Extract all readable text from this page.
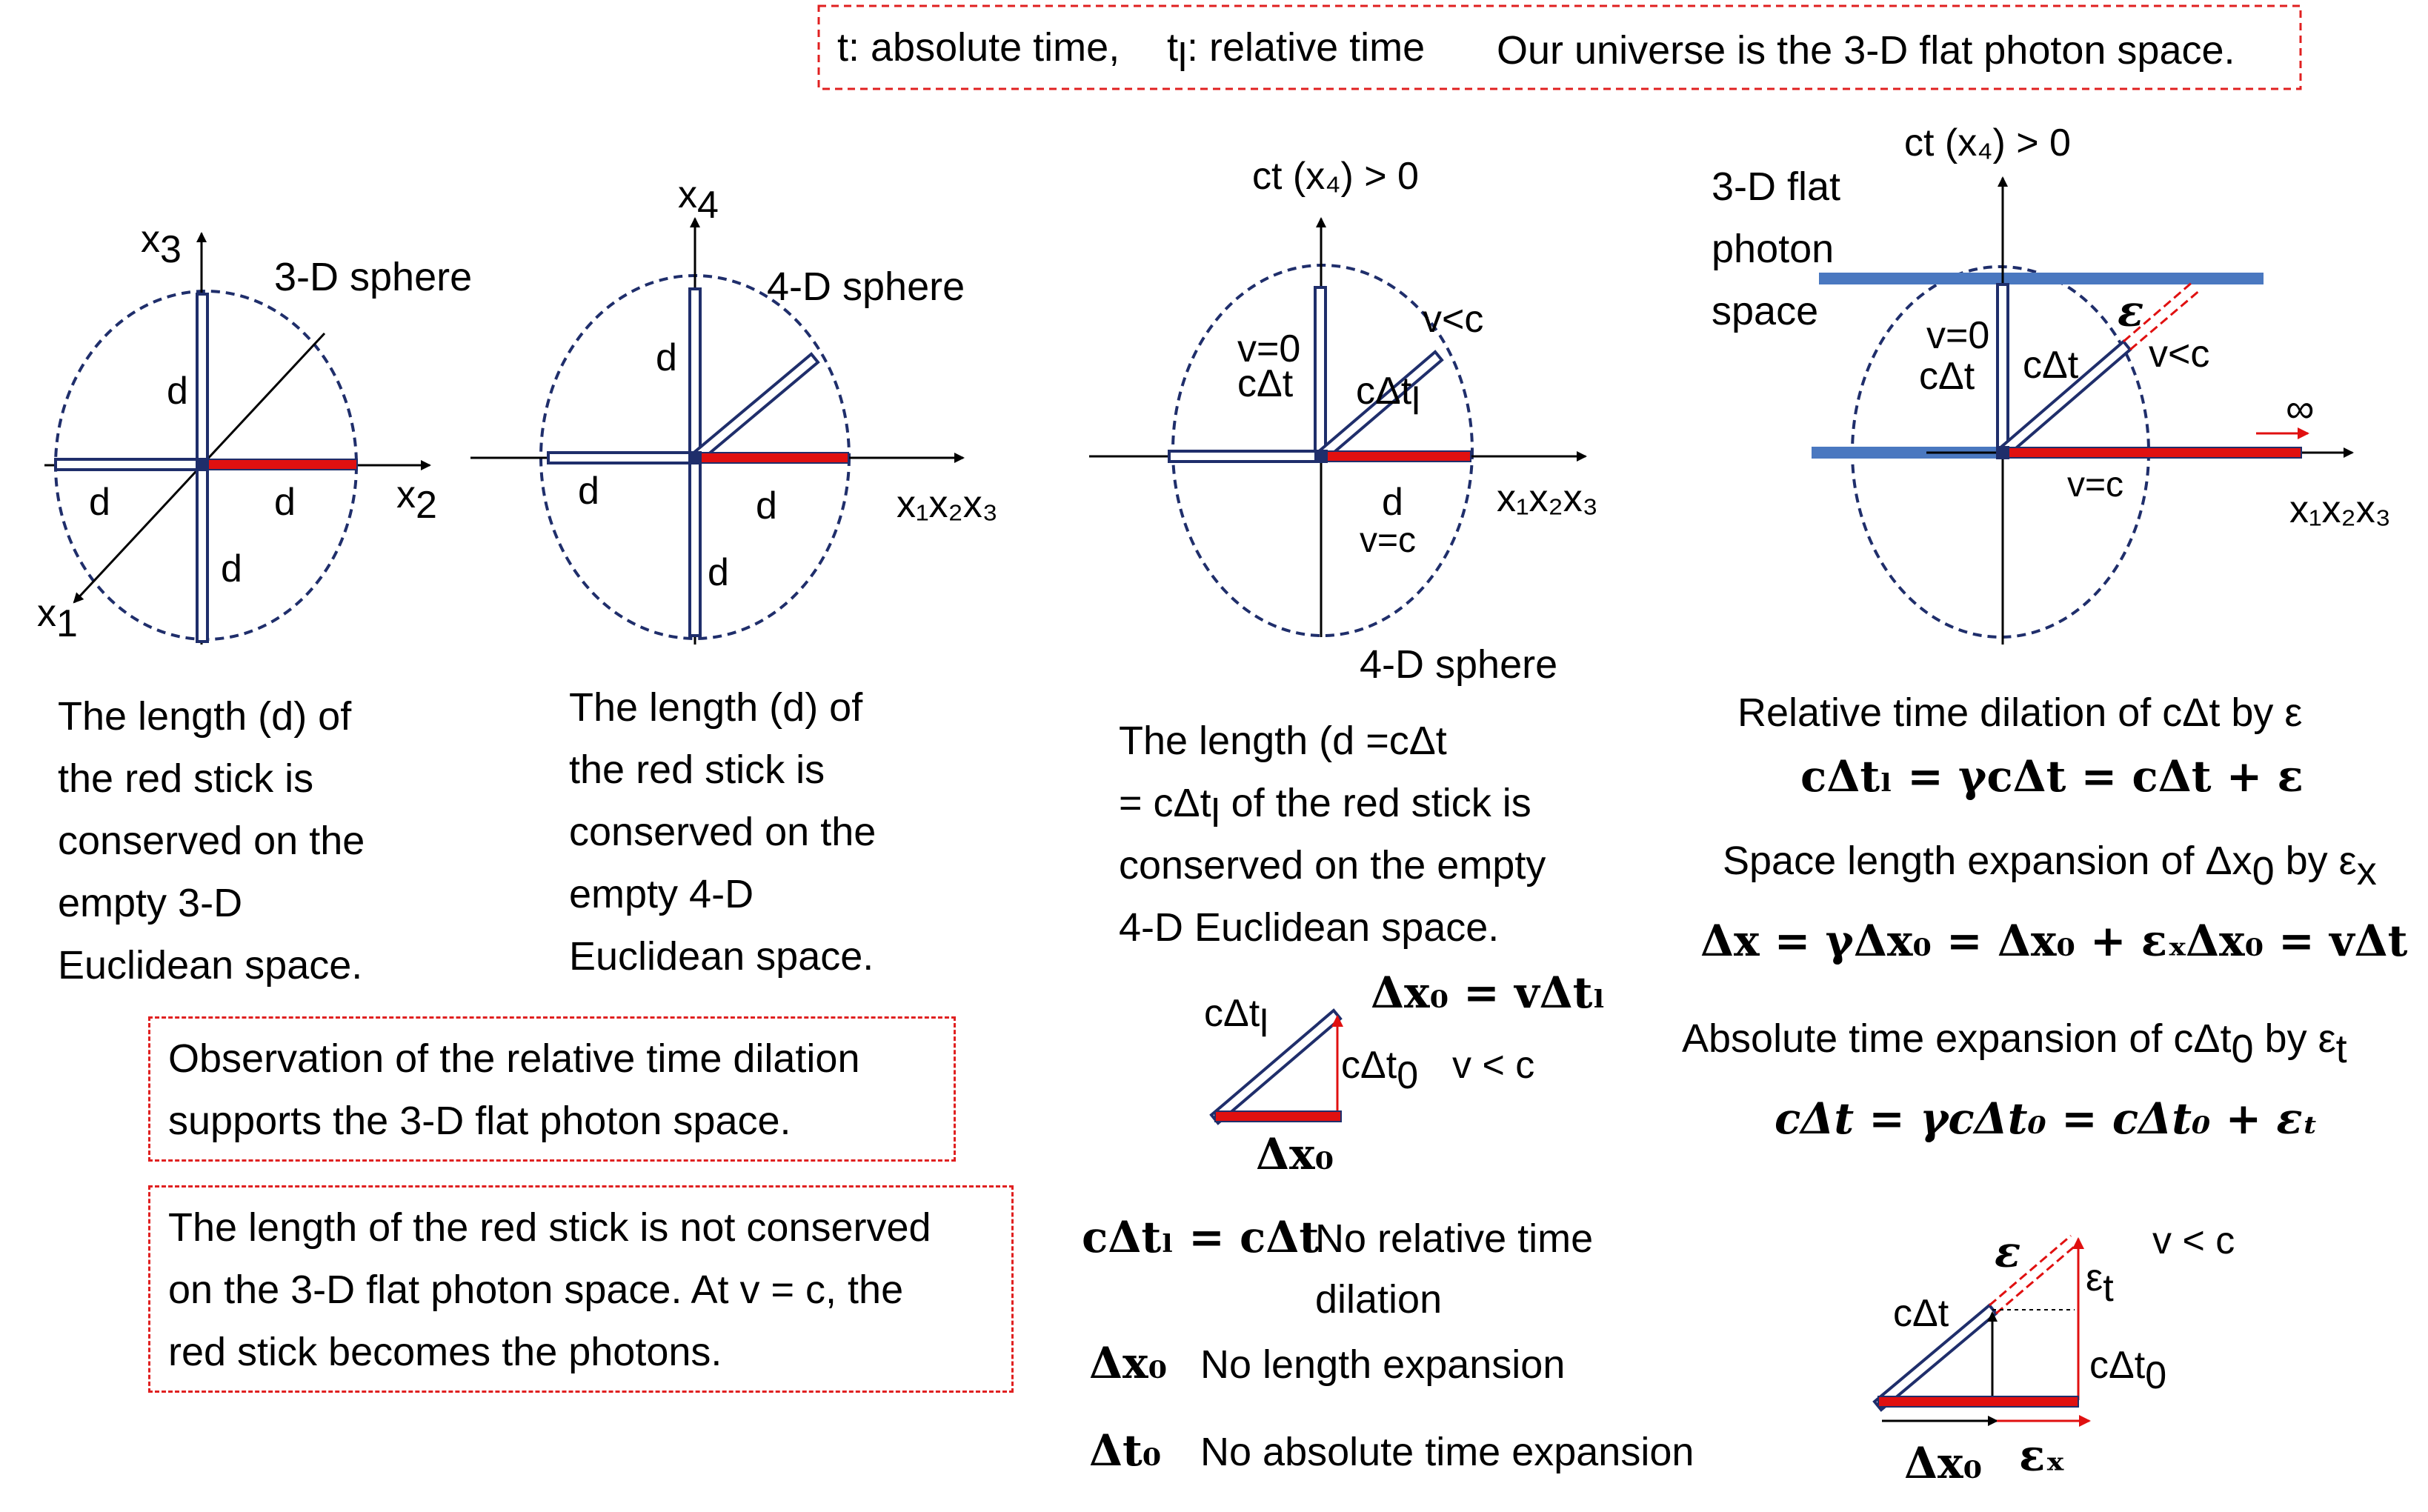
t: absolute time, tl: relative time Our universe is the 3-D flat photon space.
x3
x2
x1
3-D sphere
d
d	d
d
x4
x₁x₂x₃
4-D sphere
d
d	d
d
ct (x₄) > 0
x₁x₂x₃
v<c
v=0
cΔt cΔtl
d
v=c
4-D sphere
The length (d =cΔt
= cΔtl of the red stick is
conserved on the empty
4-D Euclidean space.
cΔtl
cΔt0 v < c
Δx₀
Δx₀ = vΔtₗ
cΔtₗ = cΔt
No relative time
dilation
Δx₀ No length expansion
Δt₀ No absolute time expansion
ct (x₄) > 0
x₁x₂x₃
3-D flat
photon
space
v=0
cΔt cΔt v<c
ε
∞
v=c
Relative time dilation of cΔt by ε
cΔtₗ = γcΔt = cΔt + ε
Space length expansion of Δx0 by εx
Δx = γΔx₀ = Δx₀ + εₓ
Δx₀ = vΔt
Absolute time expansion of cΔt0 by εt
cΔt = γcΔt₀ = cΔt₀ + εₜ
ε	v < c
εt
cΔt
cΔt0
Δx₀ εₓ
The length (d) of
the red stick is
conserved on the
empty 3-D
Euclidean space.
The length (d) of
the red stick is
conserved on the
empty 4-D
Euclidean space.
Observation of the relative time dilation
supports the 3-D flat photon space.
The length of the red stick is not conserved
on the 3-D flat photon space. At v = c, the
red stick becomes the photons.
